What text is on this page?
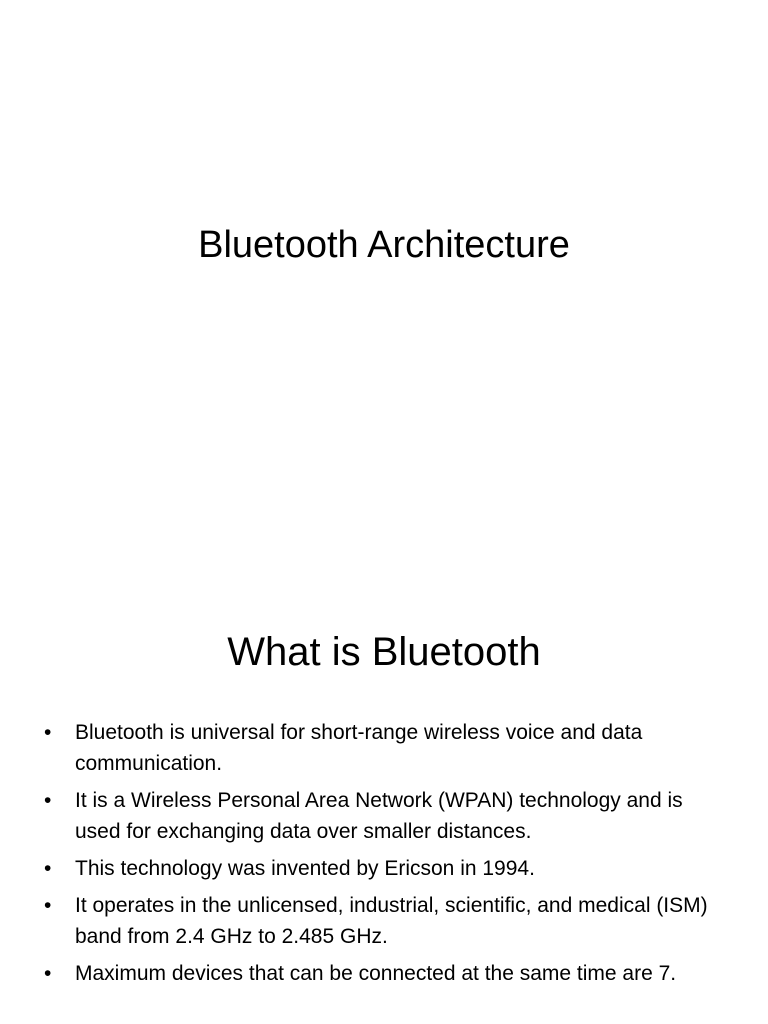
Bluetooth Architecture
What is Bluetooth
• Bluetooth is universal for short-range wireless voice and data communication.
• It is a Wireless Personal Area Network (WPAN) technology and is used for exchanging data over smaller distances.
• This technology was invented by Ericson in 1994.
• It operates in the unlicensed, industrial, scientific, and medical (ISM) band from 2.4 GHz to 2.485 GHz.
• Maximum devices that can be connected at the same time are 7.
